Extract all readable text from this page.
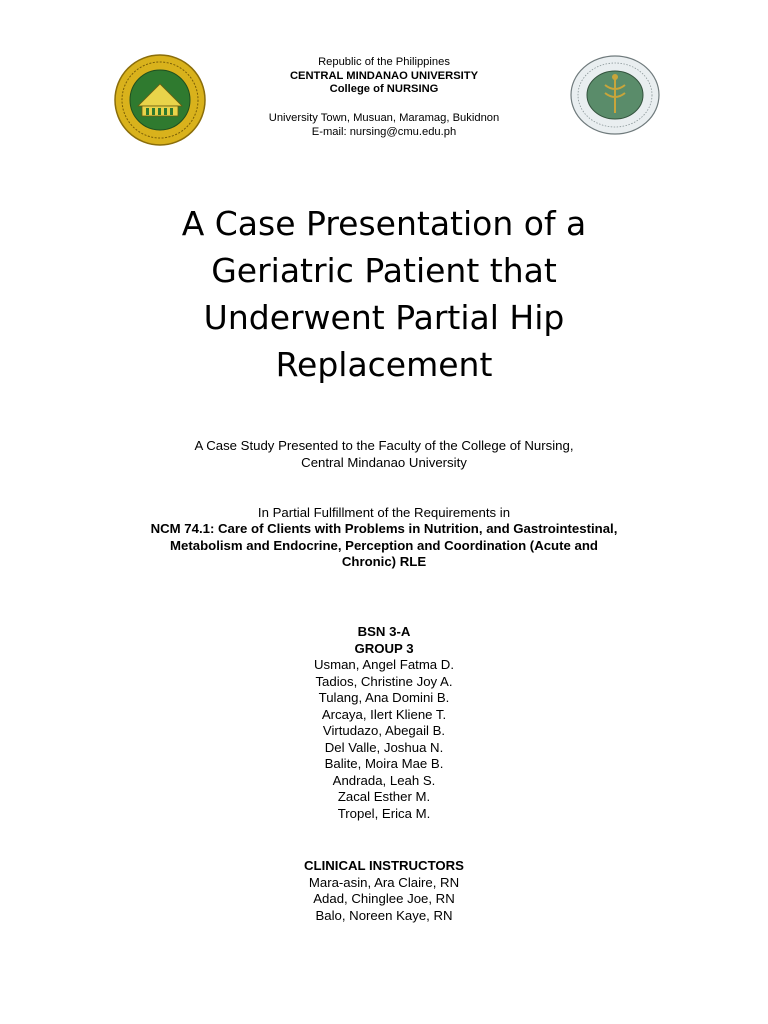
Republic of the Philippines
CENTRAL MINDANAO UNIVERSITY
College of NURSING
University Town, Musuan, Maramag, Bukidnon
E-mail: nursing@cmu.edu.ph
A Case Presentation of a
Geriatric Patient that
Underwent Partial Hip
Replacement
A Case Study Presented to the Faculty of the College of Nursing,
Central Mindanao University
In Partial Fulfillment of the Requirements in
NCM 74.1: Care of Clients with Problems in Nutrition, and Gastrointestinal,
Metabolism and Endocrine, Perception and Coordination (Acute and
Chronic) RLE
BSN 3-A
GROUP 3
Usman, Angel Fatma D.
Tadios, Christine Joy A.
Tulang, Ana Domini B.
Arcaya, Ilert Kliene T.
Virtudazo, Abegail B.
Del Valle, Joshua N.
Balite, Moira Mae B.
Andrada, Leah S.
Zacal Esther M.
Tropel, Erica M.
CLINICAL INSTRUCTORS
Mara-asin, Ara Claire, RN
Adad, Chinglee Joe, RN
Balo, Noreen Kaye, RN
